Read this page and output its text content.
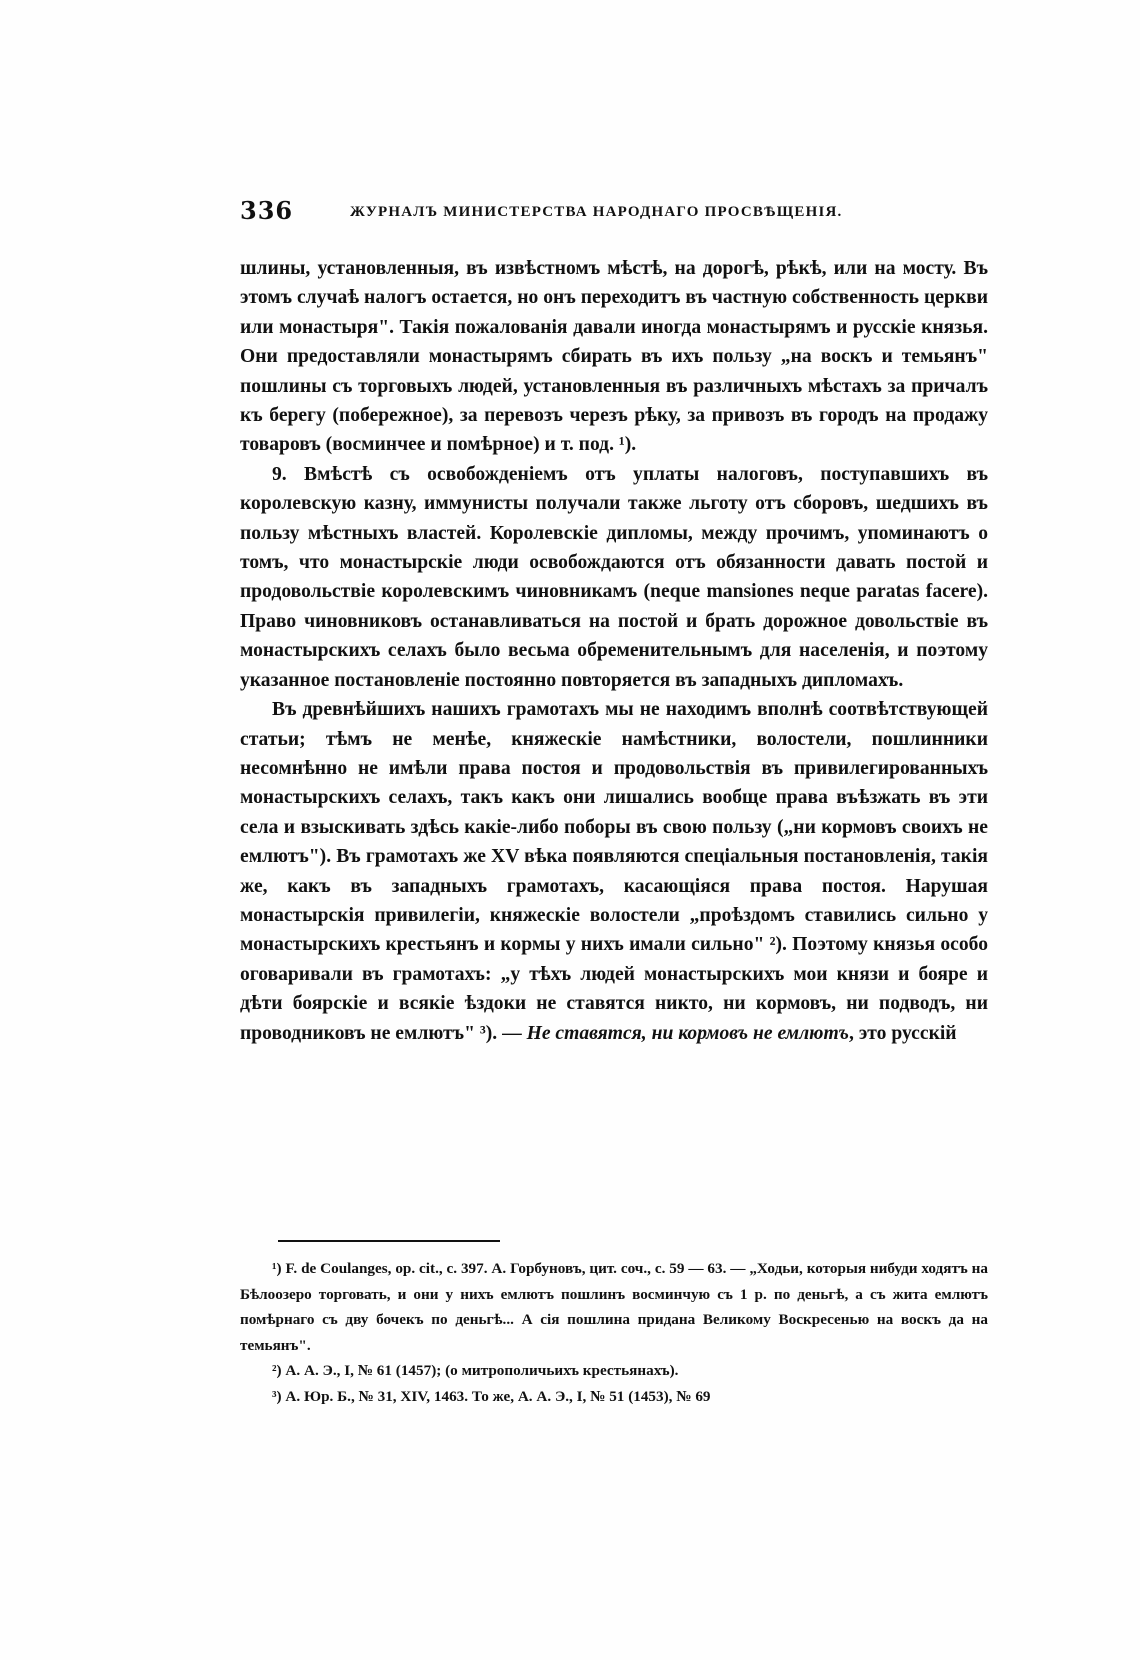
336	ЖУРНАЛЪ МИНИСТЕРСТВА НАРОДНАГО ПРОСВѢЩЕНІЯ.

шлины, установленныя, въ извѣстномъ мѣстѣ, на дорогѣ, рѣкѣ, или на мосту. Въ этомъ случаѣ налогъ остается, но онъ переходитъ въ частную собственность церкви или монастыря". Такія пожалованія давали иногда монастырямъ и русскіе князья. Они предоставляли монастырямъ сбирать въ ихъ пользу „на воскъ и темьянъ" пошлины съ торговыхъ людей, установленныя въ различныхъ мѣстахъ за причалъ къ берегу (побережное), за перевозъ черезъ рѣку, за привозъ въ городъ на продажу товаровъ (восминчее и помѣрное) и т. под. ¹).

9. Вмѣстѣ съ освобожденіемъ отъ уплаты налоговъ, поступавшихъ въ королевскую казну, иммунисты получали также льготу отъ сборовъ, шедшихъ въ пользу мѣстныхъ властей. Королевскіе дипломы, между прочимъ, упоминаютъ о томъ, что монастырскіе люди освобождаются отъ обязанности давать постой и продовольствіе королевскимъ чиновникамъ (neque mansiones neque paratas facere). Право чиновниковъ останавливаться на постой и брать дорожное довольствіе въ монастырскихъ селахъ было весьма обременительнымъ для населенія, и поэтому указанное постановленіе постоянно повторяется въ западныхъ дипломахъ.

Въ древнѣйшихъ нашихъ грамотахъ мы не находимъ вполнѣ соотвѣтствующей статьи; тѣмъ не менѣе, княжескіе намѣстники, волостели, пошлинники несомнѣнно не имѣли права постоя и продовольствія въ привилегированныхъ монастырскихъ селахъ, такъ какъ они лишались вообще права въѣзжать въ эти села и взыскивать здѣсь какіе-либо поборы въ свою пользу („ни кормовъ своихъ не емлютъ"). Въ грамотахъ же XV вѣка появляются спеціальныя постановленія, такія же, какъ въ западныхъ грамотахъ, касающіяся права постоя. Нарушая монастырскія привилегіи, княжескіе волостели „проѣздомъ ставились сильно у монастырскихъ крестьянъ и кормы у нихъ имали сильно" ²). Поэтому князья особо оговаривали въ грамотахъ: „у тѣхъ людей монастырскихъ мои князи и бояре и дѣти боярскіе и всякіе ѣздоки не ставятся никто, ни кормовъ, ни подводъ, ни проводниковъ не емлютъ" ³). — Не ставятся, ни кормовъ не емлютъ, это русскій

¹) F. de Coulanges, op. cit., c. 397. А. Горбуновъ, цит. соч., с. 59 — 63. — „Ходьи, которыя нибуди ходятъ на Бѣлоозеро торговать, и они у нихъ емлютъ пошлинъ восминчую съ 1 р. по деньгѣ, а съ жита емлютъ помѣрнаго съ дву бочекъ по деньгѣ... А сія пошлина придана Великому Воскресенью на воскъ да на темьянъ".

²) А. А. Э., I, № 61 (1457); (о митрополичьихъ крестьянахъ).

³) А. Юр. Б., № 31, XIV, 1463. То же, А. А. Э., I, № 51 (1453), № 69
